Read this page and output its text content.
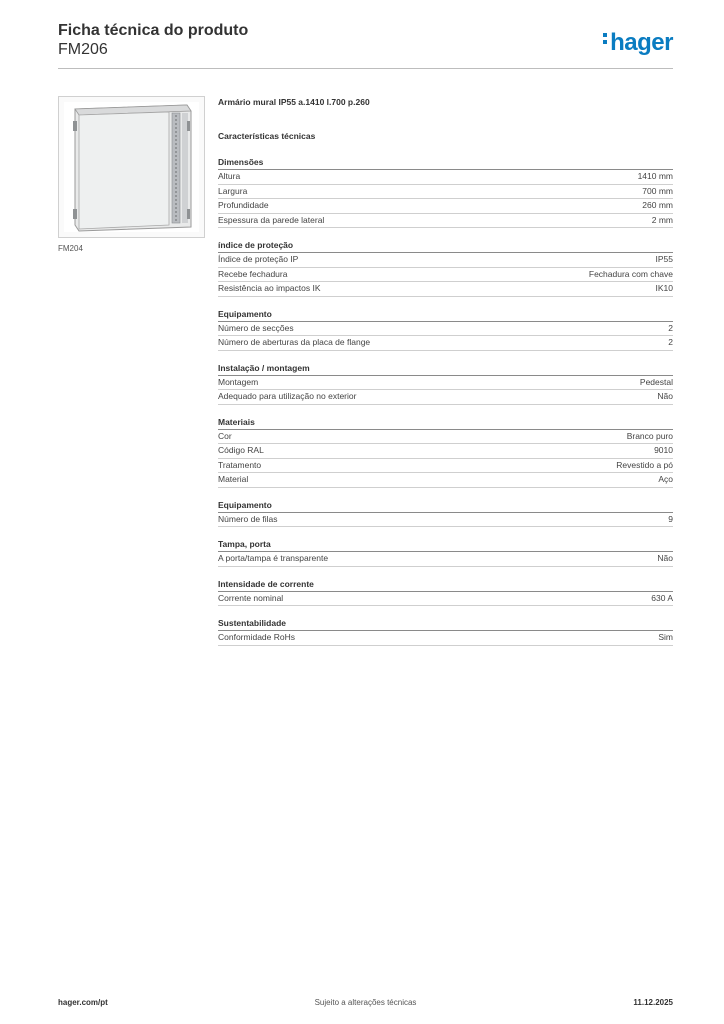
Ficha técnica do produto
FM206	hager
FM204
Armário mural IP55 a.1410 l.700 p.260
Características técnicas
Dimensões
Altura	1410 mm
Largura	700 mm
Profundidade	260 mm
Espessura da parede lateral	2 mm
índice de proteção
Índice de proteção IP	IP55
Recebe fechadura	Fechadura com chave
Resistência ao impactos IK	IK10
Equipamento
Número de secções	2
Número de aberturas da placa de flange	2
Instalação / montagem
Montagem	Pedestal
Adequado para utilização no exterior	Não
Materiais
Cor	Branco puro
Código RAL	9010
Tratamento	Revestido a pó
Material	Aço
Equipamento
Número de filas	9
Tampa, porta
A porta/tampa é transparente	Não
Intensidade de corrente
Corrente nominal	630 A
Sustentabilidade
Conformidade RoHs	Sim
hager.com/pt	Sujeito a alterações técnicas	11.12.2025
